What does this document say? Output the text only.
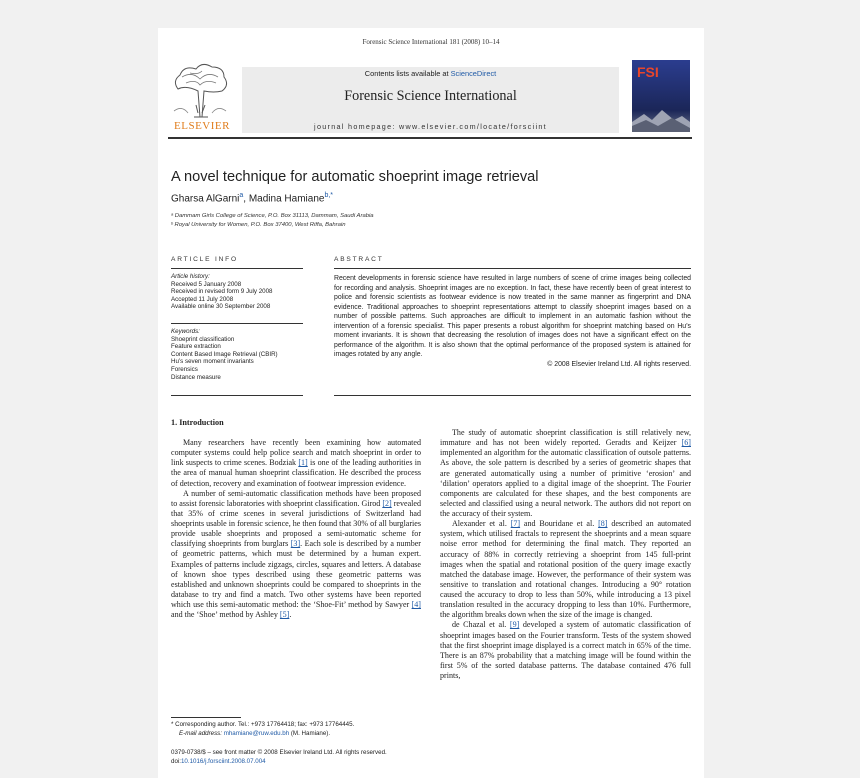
Forensic Science International 181 (2008) 10–14
ELSEVIER
Contents lists available at ScienceDirect
Forensic Science International
journal homepage: www.elsevier.com/locate/forsciint
FSI
A novel technique for automatic shoeprint image retrieval
Gharsa AlGarni$^a$, Madina Hamiane$^{b,*}$
ᵃ Dammam Girls College of Science, P.O. Box 31113, Dammam, Saudi Arabia
ᵇ Royal University for Women, P.O. Box 37400, West Riffa, Bahrain
ARTICLE INFO
Article history:
Received 5 January 2008
Received in revised form 9 July 2008
Accepted 11 July 2008
Available online 30 September 2008
Keywords:
Shoeprint classification
Feature extraction
Content Based Image Retrieval (CBIR)
Hu’s seven moment invariants
Forensics
Distance measure
ABSTRACT
Recent developments in forensic science have resulted in large numbers of scene of crime images being collected for recording and analysis. Shoeprint images are no exception. In fact, these have recently been of great interest to police and forensic scientists as footwear evidence is now treated in the same manner as fingerprint and DNA evidence. Traditional approaches to shoeprint representations attempt to classify shoeprint images based on a number of possible patterns. Such approaches are difficult to implement in an automatic fashion without the intervention of a forensic specialist. This paper presents a robust algorithm for shoeprint matching based on Hu’s moment invariants. It is shown that decreasing the resolution of images does not have a significant effect on the performance of the algorithm. It is also shown that the optimal performance of the proposed system is attained for images rotated by any angle.
© 2008 Elsevier Ireland Ltd. All rights reserved.
1. Introduction

Many researchers have recently been examining how automated computer systems could help police search and match shoeprint in order to link suspects to crime scenes. Bodziak [1] is one of the leading authorities in the area of manual human shoeprint classification. He described the process of detection, recovery and examination of footwear impression evidence.

A number of semi-automatic classification methods have been proposed to assist forensic laboratories with shoeprint classification. Girod [2] revealed that 35% of crime scenes in several jurisdictions of Switzerland had shoeprints usable in forensic science, he then found that 30% of all burglaries provide usable shoeprints and proposed a semi-automatic scheme for classifying shoeprints from burglars [3]. Each sole is described by a number of geometric patterns, which must be determined by a human expert. Examples of patterns include zigzags, circles, squares and letters. A database of known shoe types described using these geometric patterns was established and unknown shoeprints could be compared to shoeprints in the database to try and find a match. Two other systems have been reported which use this semi-automatic method: the ‘Shoe-Fit’ method by Sawyer [4] and the ‘Shoe’ method by Ashley [5].

The study of automatic shoeprint classification is still relatively new, immature and has not been widely reported. Geradts and Keijzer [6] implemented an algorithm for the automatic classification of outsole patterns. As above, the sole pattern is described by a series of geometric shapes that are generated automatically using a number of primitive ‘erosion’ and ‘dilation’ operators applied to a digital image of the shoeprint. The Fourier components are calculated for these shapes, and the best components are selected and classified using a neural network. The authors did not report on the accuracy of their system.

Alexander et al. [7] and Bouridane et al. [8] described an automated system, which utilised fractals to represent the shoeprints and a mean square noise error method for determining the final match. They reported an accuracy of 88% in correctly retrieving a shoeprint from 145 full-print images when the spatial and rotational position of the query image exactly matched the database image. However, the performance of their system was sensitive to translation and rotational changes. Introducing a 90° rotation caused the accuracy to drop to less than 50%, while introducing a 13 pixel translation resulted in the accuracy dropping to less than 10%. Furthermore, the algorithm breaks down when the size of the image is changed.

de Chazal et al. [9] developed a system of automatic classification of shoeprint images based on the Fourier transform. Tests of the system showed that the first shoeprint image displayed is a correct match in 65% of the time. There is an 87% probability that a matching image will be found within the first 5% of the sorted database patterns. The database contained 476 full prints,

* Corresponding author. Tel.: +973 17764418; fax: +973 17764445.
E-mail address: mhamiane@ruw.edu.bh (M. Hamiane).
0379-0738/$ – see front matter © 2008 Elsevier Ireland Ltd. All rights reserved.
doi:10.1016/j.forsciint.2008.07.004
